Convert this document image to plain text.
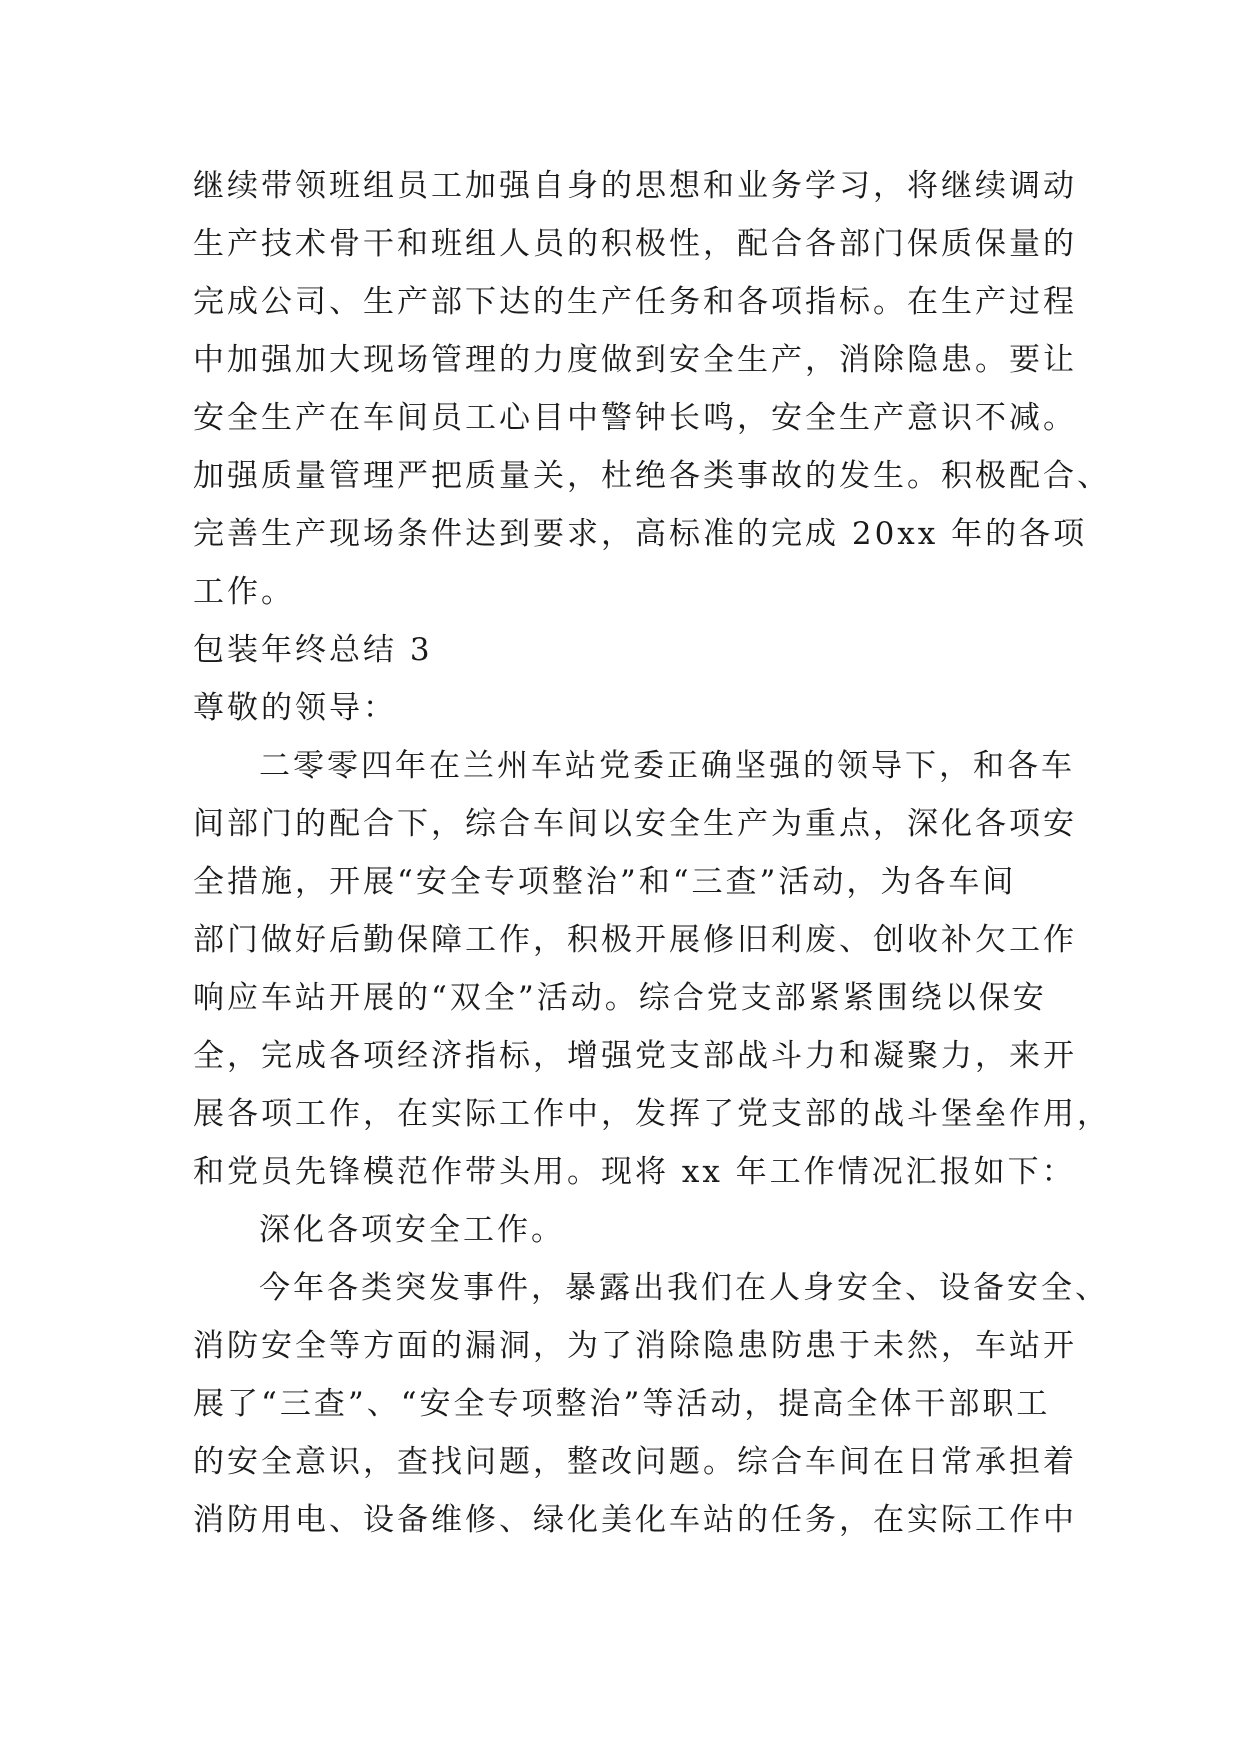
继续带领班组员工加强自身的思想和业务学习，将继续调动
生产技术骨干和班组人员的积极性，配合各部门保质保量的
完成公司、生产部下达的生产任务和各项指标。在生产过程
中加强加大现场管理的力度做到安全生产，消除隐患。要让
安全生产在车间员工心目中警钟长鸣，安全生产意识不减。
加强质量管理严把质量关，杜绝各类事故的发生。积极配合、
完善生产现场条件达到要求，高标准的完成 20xx 年的各项
工作。
包装年终总结 3
尊敬的领导：
二零零四年在兰州车站党委正确坚强的领导下，和各车
间部门的配合下，综合车间以安全生产为重点，深化各项安
全措施，开展“安全专项整治”和“三查”活动，为各车间
部门做好后勤保障工作，积极开展修旧利废、创收补欠工作
响应车站开展的“双全”活动。综合党支部紧紧围绕以保安
全，完成各项经济指标，增强党支部战斗力和凝聚力，来开
展各项工作，在实际工作中，发挥了党支部的战斗堡垒作用，
和党员先锋模范作带头用。现将 xx 年工作情况汇报如下：
深化各项安全工作。
今年各类突发事件，暴露出我们在人身安全、设备安全、
消防安全等方面的漏洞，为了消除隐患防患于未然，车站开
展了“三查”、“安全专项整治”等活动，提高全体干部职工
的安全意识，查找问题，整改问题。综合车间在日常承担着
消防用电、设备维修、绿化美化车站的任务，在实际工作中
